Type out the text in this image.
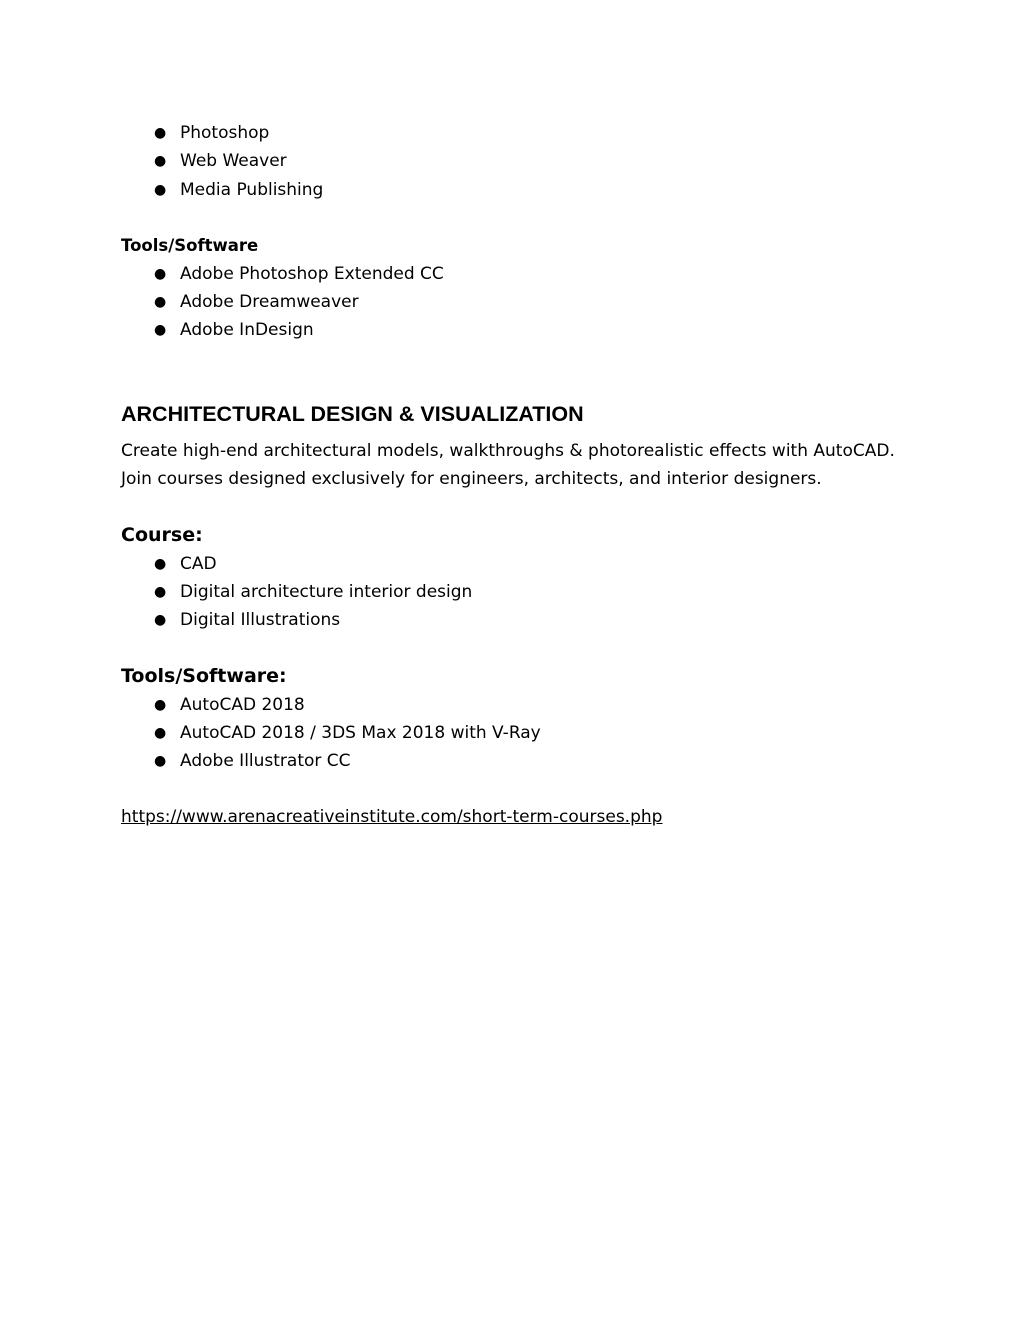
● Photoshop
● Web Weaver
● Media Publishing
Tools/Software
● Adobe Photoshop Extended CC
● Adobe Dreamweaver
● Adobe InDesign
ARCHITECTURAL DESIGN & VISUALIZATION
Create high-end architectural models, walkthroughs & photorealistic effects with AutoCAD. Join courses designed exclusively for engineers, architects, and interior designers.
Course:
● CAD
● Digital architecture interior design
● Digital Illustrations
Tools/Software:
● AutoCAD 2018
● AutoCAD 2018 / 3DS Max 2018 with V-Ray
● Adobe Illustrator CC
https://www.arenacreativeinstitute.com/short-term-courses.php
